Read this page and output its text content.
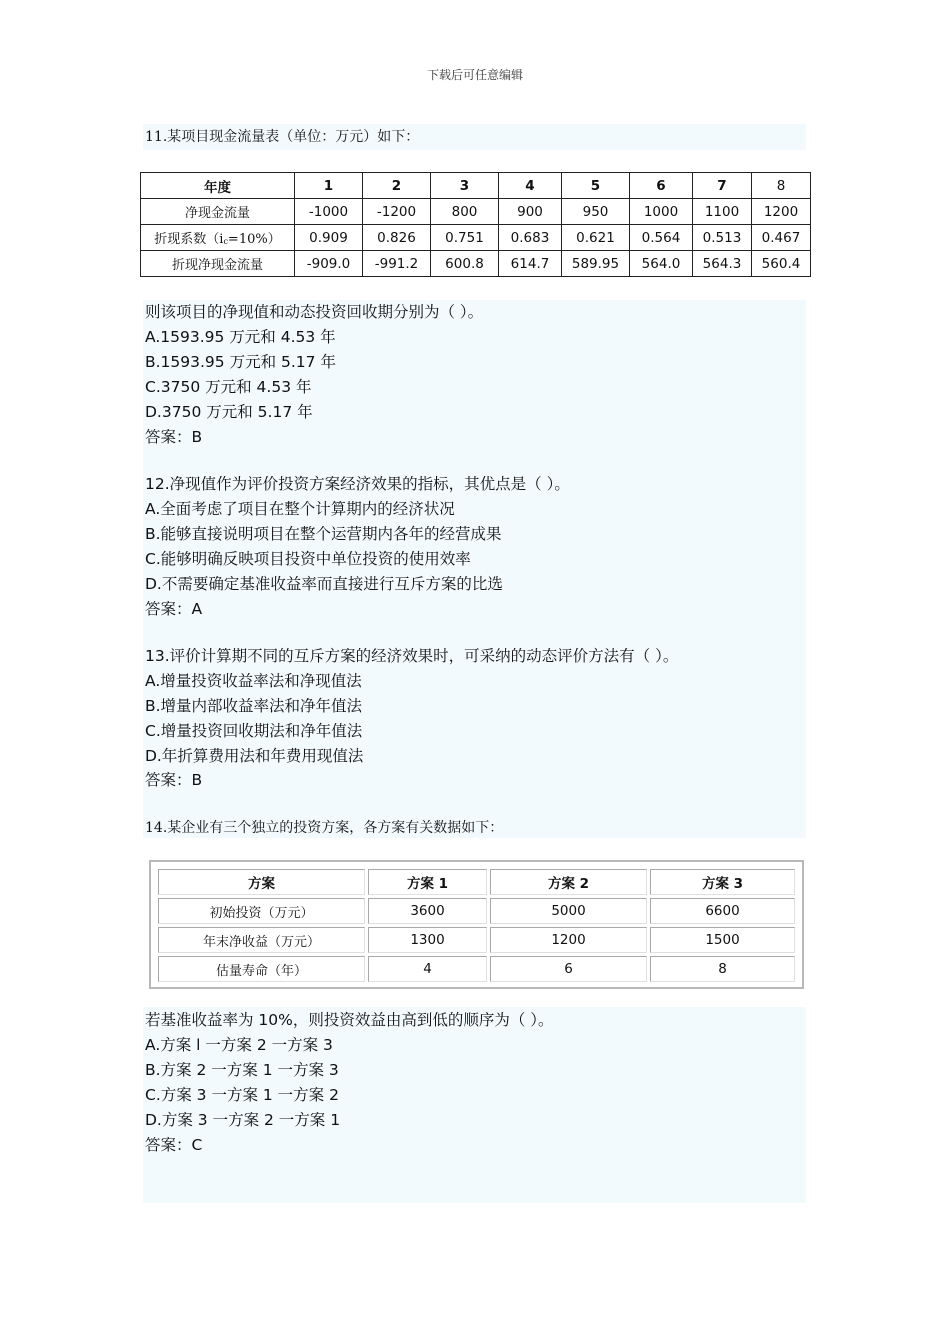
下载后可任意编辑
11.某项目现金流量表（单位：万元）如下：
年度	1	2	3	4	5	6	7	8
净现金流量	-1000	-1200	800	900	950	1000	1100	1200
折现系数$(i_c=10\%)$	0.909	0.826	0.751	0.683	0.621	0.564	0.513	0.467
折现净现金流量	-909.0	-991.2	600.8	614.7	589.95	564.0	564.3	560.4
则该项目的净现值和动态投资回收期分别为（ ）。
A.1593.95 万元和 4.53 年
B.1593.95 万元和 5.17 年
C.3750 万元和 4.53 年
D.3750 万元和 5.17 年
答案：B
12.净现值作为评价投资方案经济效果的指标，其优点是（ ）。
A.全面考虑了项目在整个计算期内的经济状况
B.能够直接说明项目在整个运营期内各年的经营成果
C.能够明确反映项目投资中单位投资的使用效率
D.不需要确定基准收益率而直接进行互斥方案的比选
答案：A
13.评价计算期不同的互斥方案的经济效果时，可采纳的动态评价方法有（ ）。
A.增量投资收益率法和净现值法
B.增量内部收益率法和净年值法
C.增量投资回收期法和净年值法
D.年折算费用法和年费用现值法
答案：B
14.某企业有三个独立的投资方案，各方案有关数据如下：
方案	方案 1	方案 2	方案 3
初始投资（万元）	3600	5000	6600
年末净收益（万元）	1300	1200	1500
估量寿命（年）	4	6	8
若基准收益率为 10%，则投资效益由高到低的顺序为（ ）。
A.方案 l 一方案 2 一方案 3
B.方案 2 一方案 1 一方案 3
C.方案 3 一方案 1 一方案 2
D.方案 3 一方案 2 一方案 1
答案：C
